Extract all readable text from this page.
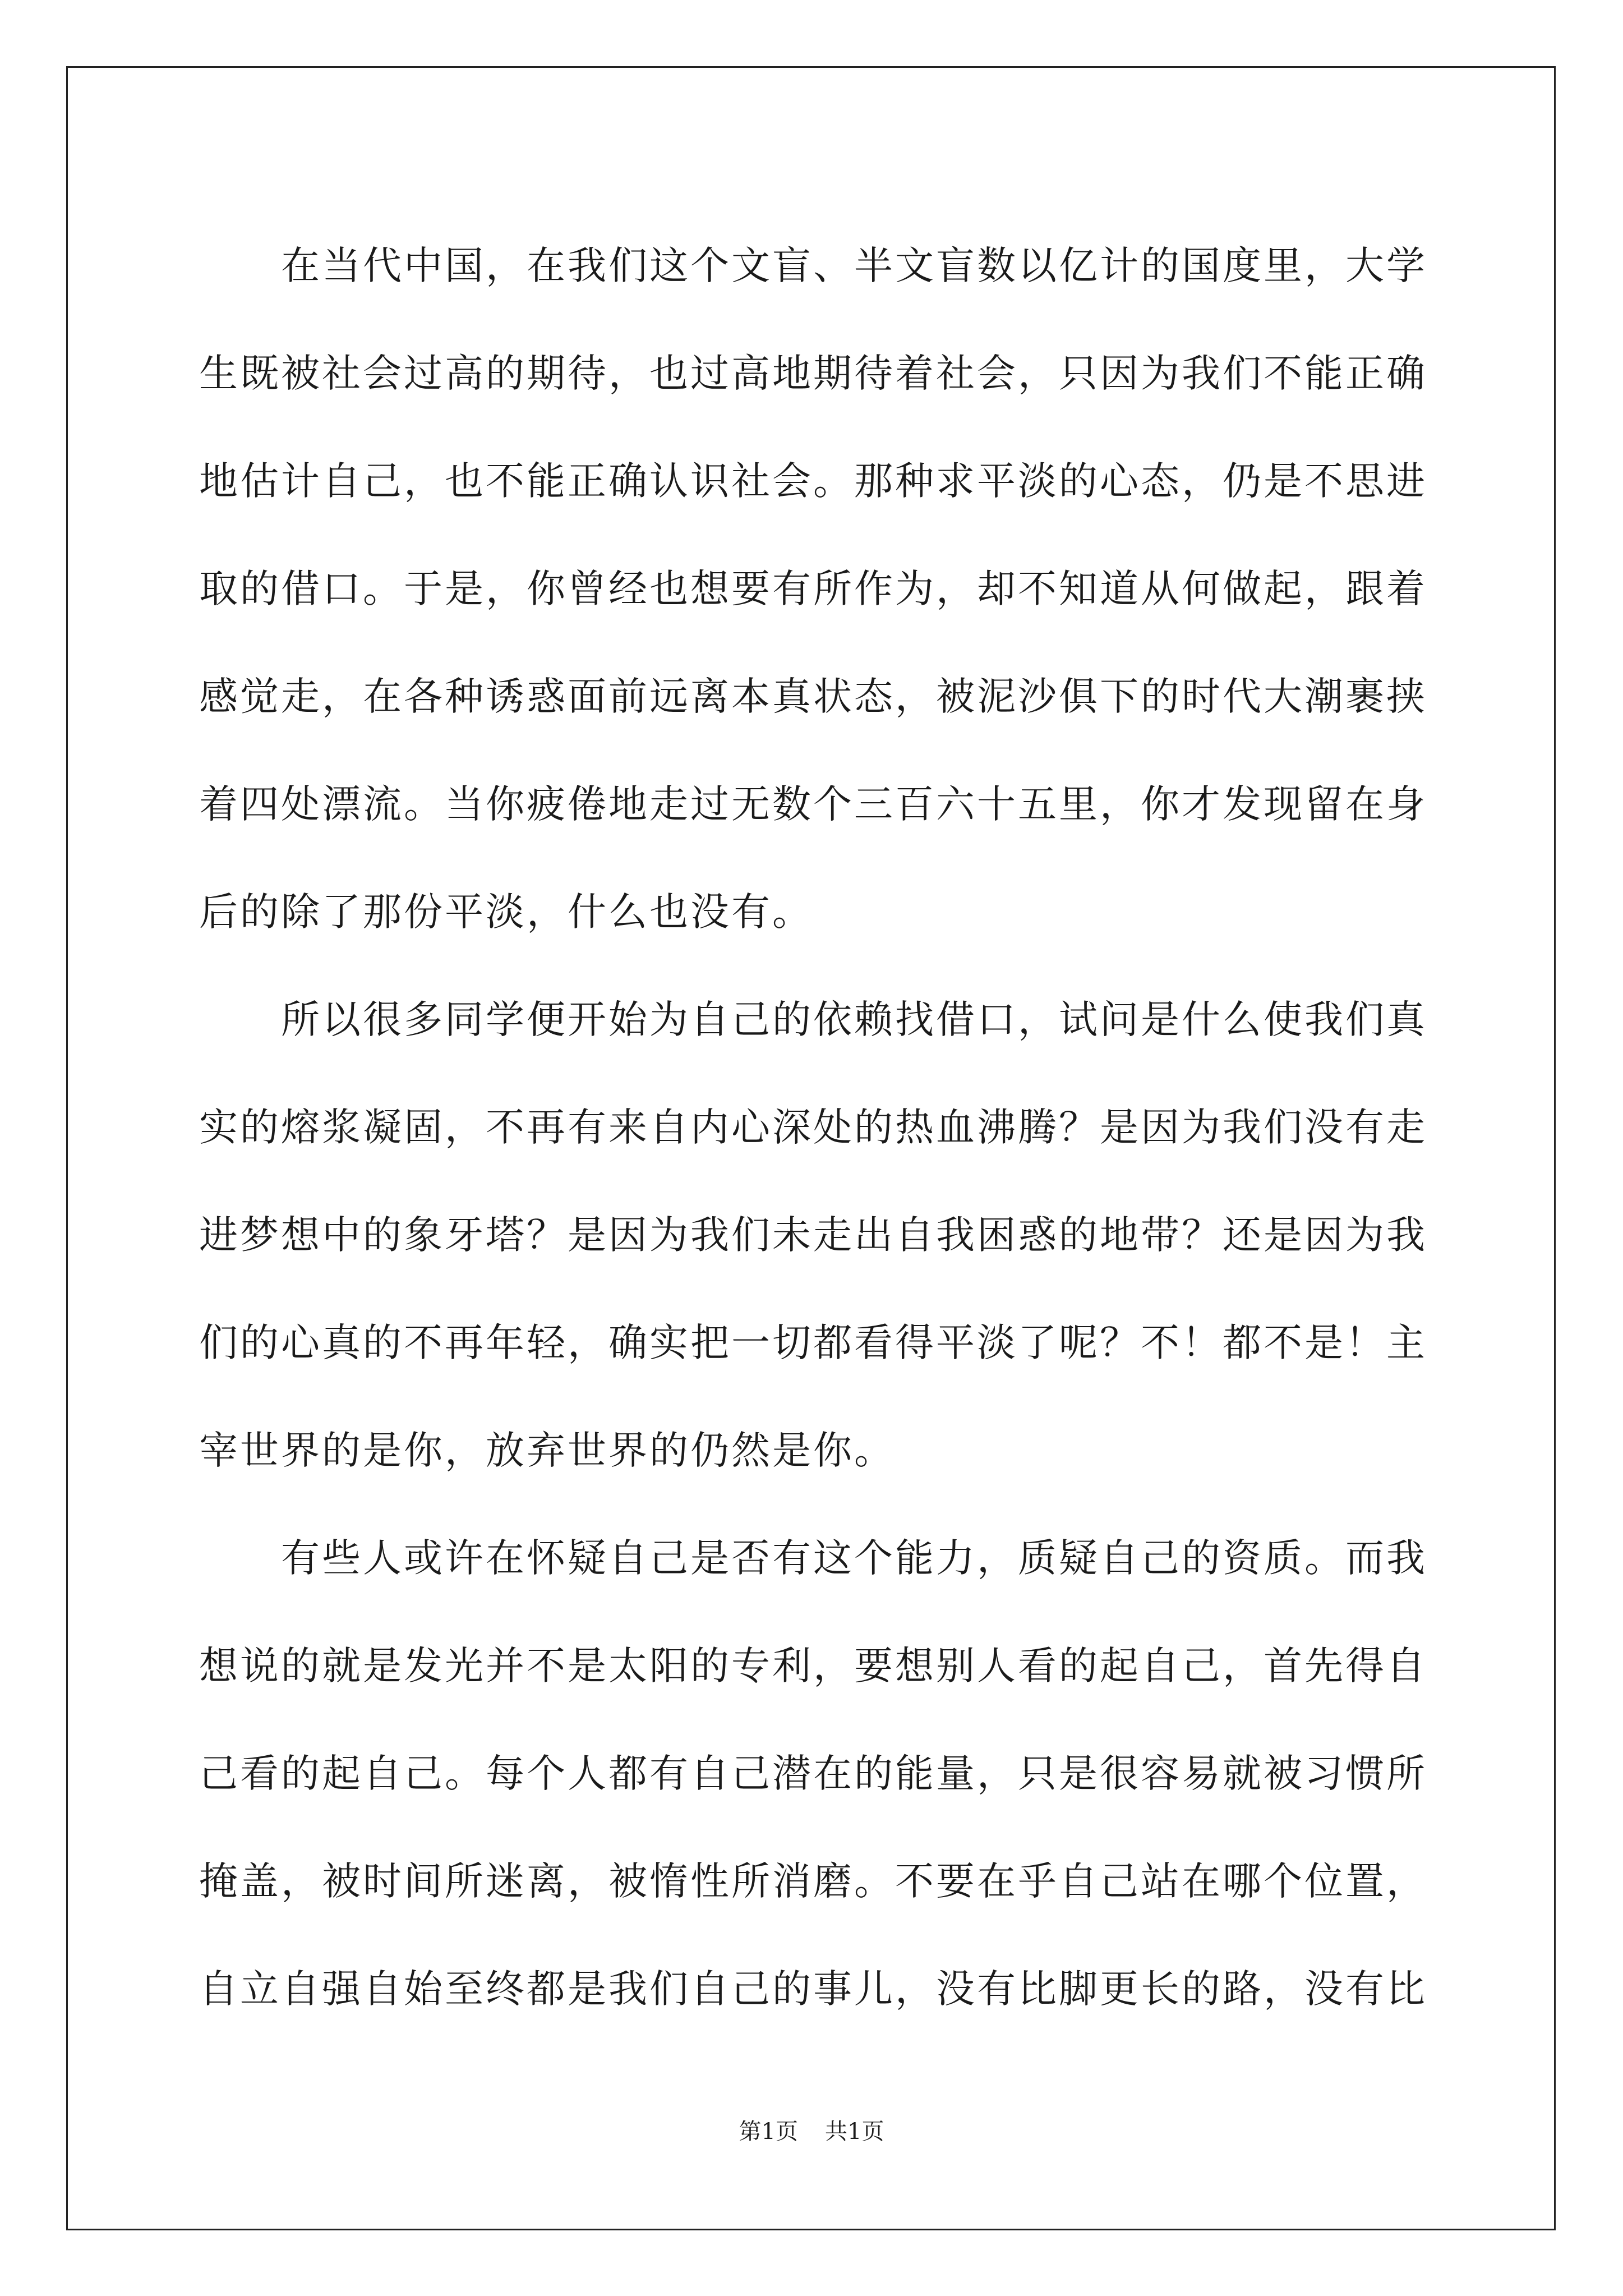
在当代中国，在我们这个文盲、半文盲数以亿计的国度里，大学生既被社会过高的期待，也过高地期待着社会，只因为我们不能正确地估计自己，也不能正确认识社会。那种求平淡的心态，仍是不思进取的借口。于是，你曾经也想要有所作为，却不知道从何做起，跟着感觉走，在各种诱惑面前远离本真状态，被泥沙俱下的时代大潮裹挟着四处漂流。当你疲倦地走过无数个三百六十五里，你才发现留在身后的除了那份平淡，什么也没有。

所以很多同学便开始为自己的依赖找借口，试问是什么使我们真实的熔浆凝固，不再有来自内心深处的热血沸腾？是因为我们没有走进梦想中的象牙塔？是因为我们未走出自我困惑的地带？还是因为我们的心真的不再年轻，确实把一切都看得平淡了呢？不！都不是！主宰世界的是你，放弃世界的仍然是你。

有些人或许在怀疑自己是否有这个能力，质疑自己的资质。而我想说的就是发光并不是太阳的专利，要想别人看的起自己，首先得自己看的起自己。每个人都有自己潜在的能量，只是很容易就被习惯所掩盖，被时间所迷离，被惰性所消磨。不要在乎自己站在哪个位置，自立自强自始至终都是我们自己的事儿，没有比脚更长的路，没有比

第1页 共1页
